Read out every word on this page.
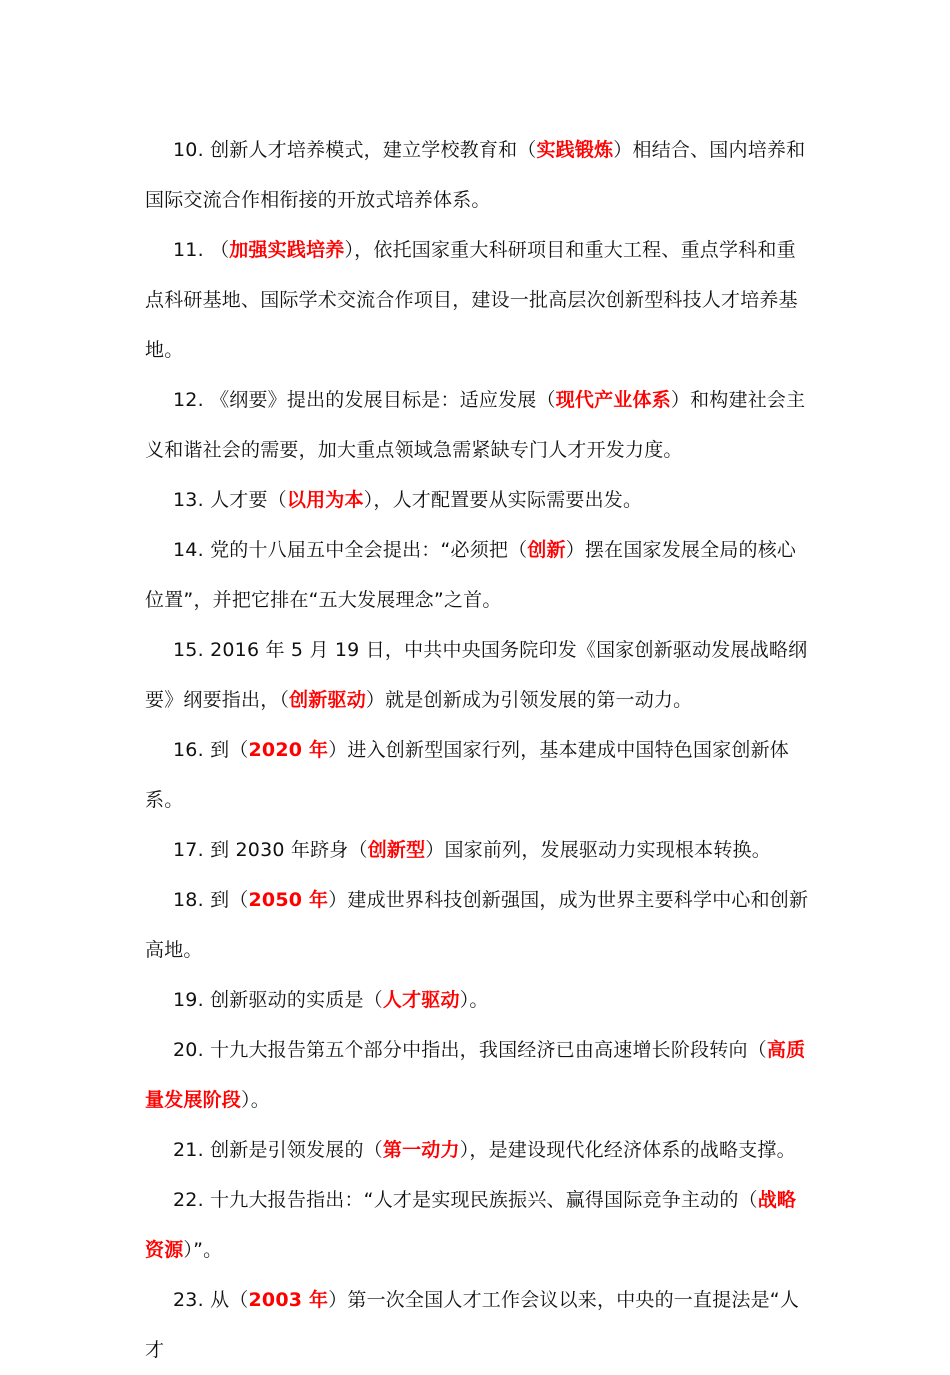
10. 创新人才培养模式，建立学校教育和（实践锻炼）相结合、国内培养和国际交流合作相衔接的开放式培养体系。

11. （加强实践培养），依托国家重大科研项目和重大工程、重点学科和重点科研基地、国际学术交流合作项目，建设一批高层次创新型科技人才培养基地。

12. 《纲要》提出的发展目标是：适应发展（现代产业体系）和构建社会主义和谐社会的需要，加大重点领域急需紧缺专门人才开发力度。

13. 人才要（以用为本），人才配置要从实际需要出发。

14. 党的十八届五中全会提出：“必须把（创新）摆在国家发展全局的核心位置”，并把它排在“五大发展理念”之首。

15. 2016 年 5 月 19 日，中共中央国务院印发《国家创新驱动发展战略纲要》纲要指出，（创新驱动）就是创新成为引领发展的第一动力。

16. 到（2020 年）进入创新型国家行列，基本建成中国特色国家创新体系。

17. 到 2030 年跻身（创新型）国家前列，发展驱动力实现根本转换。

18. 到（2050 年）建成世界科技创新强国，成为世界主要科学中心和创新高地。

19. 创新驱动的实质是（人才驱动）。

20. 十九大报告第五个部分中指出，我国经济已由高速增长阶段转向（高质量发展阶段）。

21. 创新是引领发展的（第一动力），是建设现代化经济体系的战略支撑。

22. 十九大报告指出：“人才是实现民族振兴、赢得国际竞争主动的（战略资源）”。

23. 从（2003 年）第一次全国人才工作会议以来，中央的一直提法是“人才
